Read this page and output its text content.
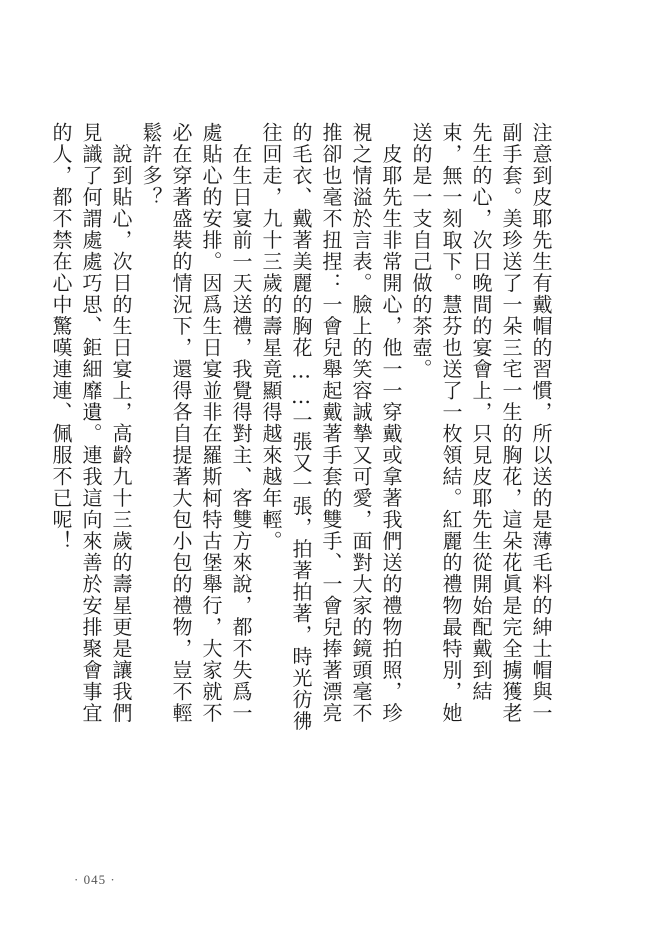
注意到皮耶先生有戴帽的習慣，所以送的是薄毛料的紳士帽與一副手套。美珍送了一朵三宅一生的胸花，這朵花眞是完全擄獲老先生的心，次日晚間的宴會上，只見皮耶先生從開始配戴到結束，無一刻取下。慧芬也送了一枚領結。紅麗的禮物最特別，她送的是一支自己做的茶壺。

　皮耶先生非常開心，他一一穿戴或拿著我們送的禮物拍照，珍視之情溢於言表。臉上的笑容誠摯又可愛，面對大家的鏡頭毫不推卻也毫不扭捏：一會兒舉起戴著手套的雙手、一會兒捧著漂亮的毛衣、戴著美麗的胸花……一張又一張，拍著拍著，時光彷彿往回走，九十三歲的壽星竟顯得越來越年輕。

　在生日宴前一天送禮，我覺得對主、客雙方來說，都不失爲一處貼心的安排。因爲生日宴並非在羅斯柯特古堡舉行，大家就不必在穿著盛裝的情況下，還得各自提著大包小包的禮物，豈不輕鬆許多？

　說到貼心，次日的生日宴上，高齡九十三歲的壽星更是讓我們見識了何謂處處巧思、鉅細靡遺。連我這向來善於安排聚會事宜的人，都不禁在心中驚嘆連連、佩服不已呢！

· 045 ·
